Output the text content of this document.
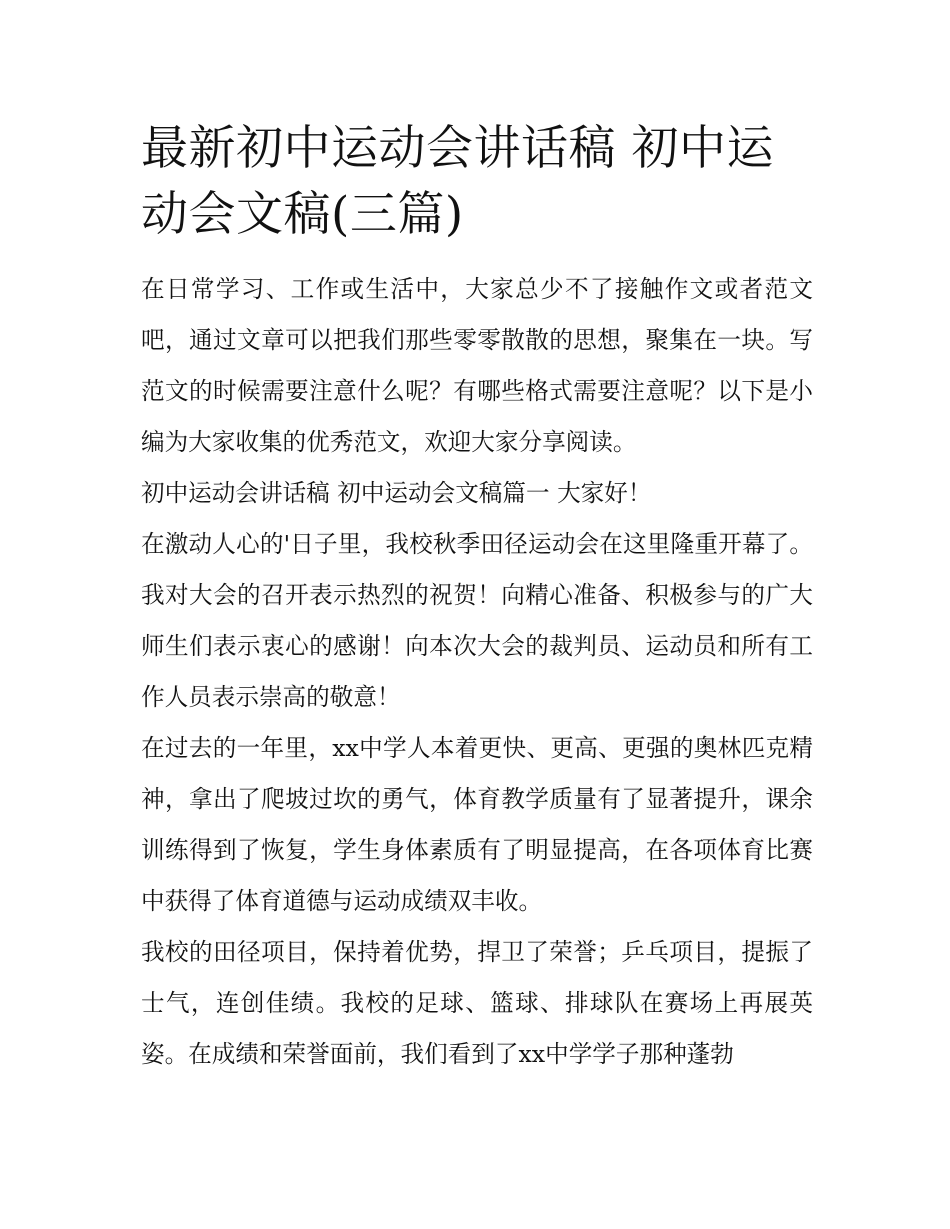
最新初中运动会讲话稿 初中运动会文稿(三篇)

在日常学习、工作或生活中，大家总少不了接触作文或者范文吧，通过文章可以把我们那些零零散散的思想，聚集在一块。写范文的时候需要注意什么呢？有哪些格式需要注意呢？以下是小编为大家收集的优秀范文，欢迎大家分享阅读。

初中运动会讲话稿 初中运动会文稿篇一 大家好！

在激动人心的'日子里，我校秋季田径运动会在这里隆重开幕了。我对大会的召开表示热烈的祝贺！向精心准备、积极参与的广大师生们表示衷心的感谢！向本次大会的裁判员、运动员和所有工作人员表示崇高的敬意！

在过去的一年里，xx中学人本着更快、更高、更强的奥林匹克精神，拿出了爬坡过坎的勇气，体育教学质量有了显著提升，课余训练得到了恢复，学生身体素质有了明显提高，在各项体育比赛中获得了体育道德与运动成绩双丰收。

我校的田径项目，保持着优势，捍卫了荣誉；乒乓项目，提振了士气，连创佳绩。我校的足球、篮球、排球队在赛场上再展英姿。在成绩和荣誉面前，我们看到了xx中学学子那种蓬勃
